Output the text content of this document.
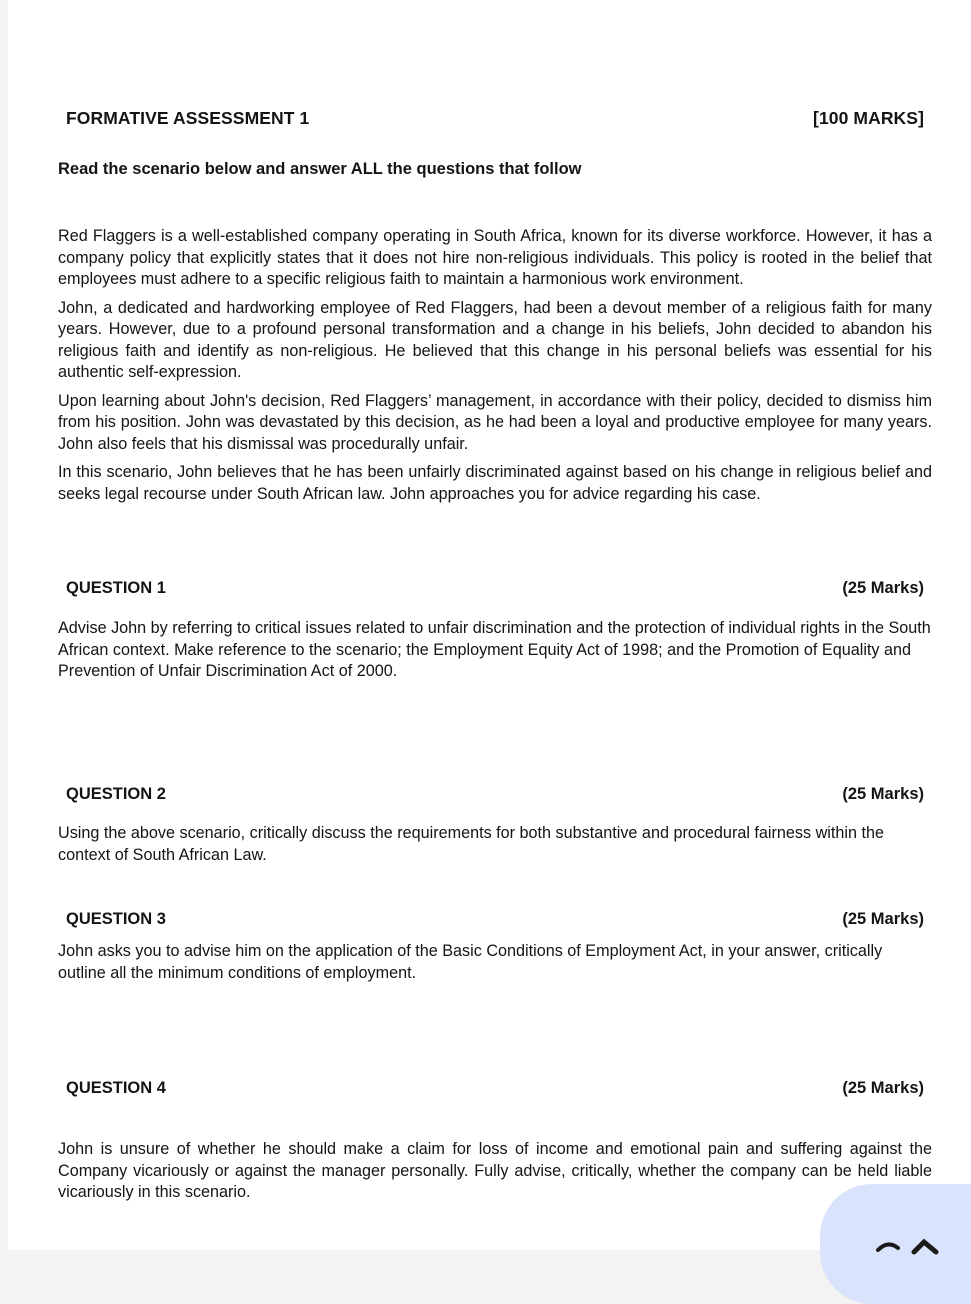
FORMATIVE ASSESSMENT 1	[100 MARKS]
Read the scenario below and answer ALL the questions that follow

Red Flaggers is a well-established company operating in South Africa, known for its diverse workforce. However, it has a company policy that explicitly states that it does not hire non-religious individuals. This policy is rooted in the belief that employees must adhere to a specific religious faith to maintain a harmonious work environment.

John, a dedicated and hardworking employee of Red Flaggers, had been a devout member of a religious faith for many years. However, due to a profound personal transformation and a change in his beliefs, John decided to abandon his religious faith and identify as non-religious. He believed that this change in his personal beliefs was essential for his authentic self-expression.

Upon learning about John's decision, Red Flaggers’ management, in accordance with their policy, decided to dismiss him from his position. John was devastated by this decision, as he had been a loyal and productive employee for many years. John also feels that his dismissal was procedurally unfair.

In this scenario, John believes that he has been unfairly discriminated against based on his change in religious belief and seeks legal recourse under South African law. John approaches you for advice regarding his case.

QUESTION 1	(25 Marks)
Advise John by referring to critical issues related to unfair discrimination and the protection of individual rights in the South African context. Make reference to the scenario; the Employment Equity Act of 1998; and the Promotion of Equality and Prevention of Unfair Discrimination Act of 2000.
QUESTION 2	(25 Marks)
Using the above scenario, critically discuss the requirements for both substantive and procedural fairness within the context of South African Law.
QUESTION 3	(25 Marks)
John asks you to advise him on the application of the Basic Conditions of Employment Act, in your answer, critically outline all the minimum conditions of employment.
QUESTION 4	(25 Marks)
John is unsure of whether he should make a claim for loss of income and emotional pain and suffering against the Company vicariously or against the manager personally. Fully advise, critically, whether the company can be held liable vicariously in this scenario.
